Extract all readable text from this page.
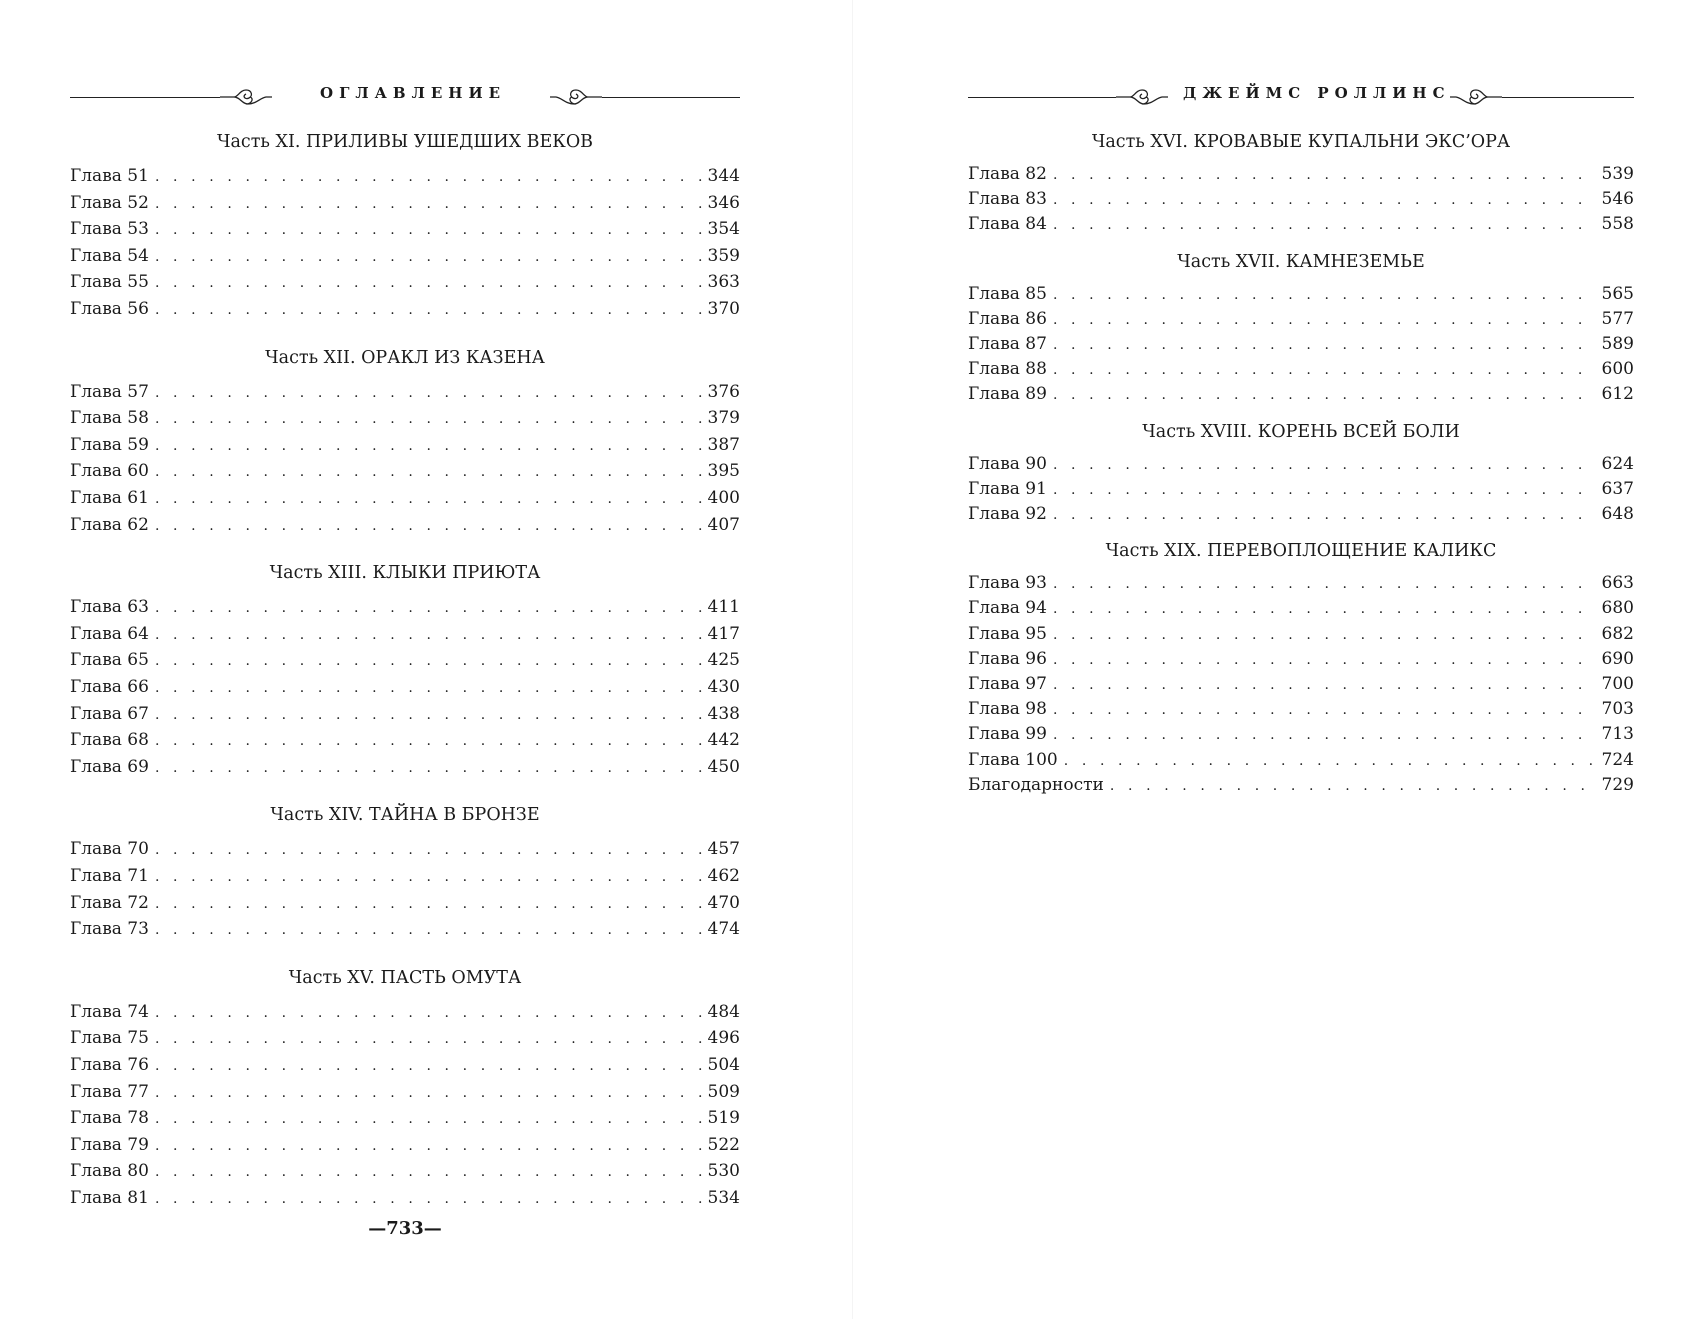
ОГЛАВЛЕНИЕ
Часть XI. ПРИЛИВЫ УШЕДШИХ ВЕКОВ
Глава 51 . . .	344
Глава 52 . . .	346
Глава 53 . . .	354
Глава 54 . . .	359
Глава 55 . . .	363
Глава 56 . . .	370
Часть XII. ОРАКЛ ИЗ КАЗЕНА
Глава 57 . . .	376
Глава 58 . . .	379
Глава 59 . . .	387
Глава 60 . . .	395
Глава 61 . . .	400
Глава 62 . . .	407
Часть XIII. КЛЫКИ ПРИЮТА
Глава 63 . . .	411
Глава 64 . . .	417
Глава 65 . . .	425
Глава 66 . . .	430
Глава 67 . . .	438
Глава 68 . . .	442
Глава 69 . . .	450
Часть XIV. ТАЙНА В БРОНЗЕ
Глава 70 . . .	457
Глава 71 . . .	462
Глава 72 . . .	470
Глава 73 . . .	474
Часть XV. ПАСТЬ ОМУТА
Глава 74 . . .	484
Глава 75 . . .	496
Глава 76 . . .	504
Глава 77 . . .	509
Глава 78 . . .	519
Глава 79 . . .	522
Глава 80 . . .	530
Глава 81 . . .	534
—733—
ДЖЕЙМС РОЛЛИНС
Часть XVI. КРОВАВЫЕ КУПАЛЬНИ ЭКС’ОРА
Глава 82 . . .	539
Глава 83 . . .	546
Глава 84 . . .	558
Часть XVII. КАМНЕЗЕМЬЕ
Глава 85 . . .	565
Глава 86 . . .	577
Глава 87 . . .	589
Глава 88 . . .	600
Глава 89 . . .	612
Часть XVIII. КОРЕНЬ ВСЕЙ БОЛИ
Глава 90 . . .	624
Глава 91 . . .	637
Глава 92 . . .	648
Часть XIX. ПЕРЕВОПЛОЩЕНИЕ КАЛИКС
Глава 93 . . .	663
Глава 94 . . .	680
Глава 95 . . .	682
Глава 96 . . .	690
Глава 97 . . .	700
Глава 98 . . .	703
Глава 99 . . .	713
Глава 100 . . .	724
Благодарности . . .	729
